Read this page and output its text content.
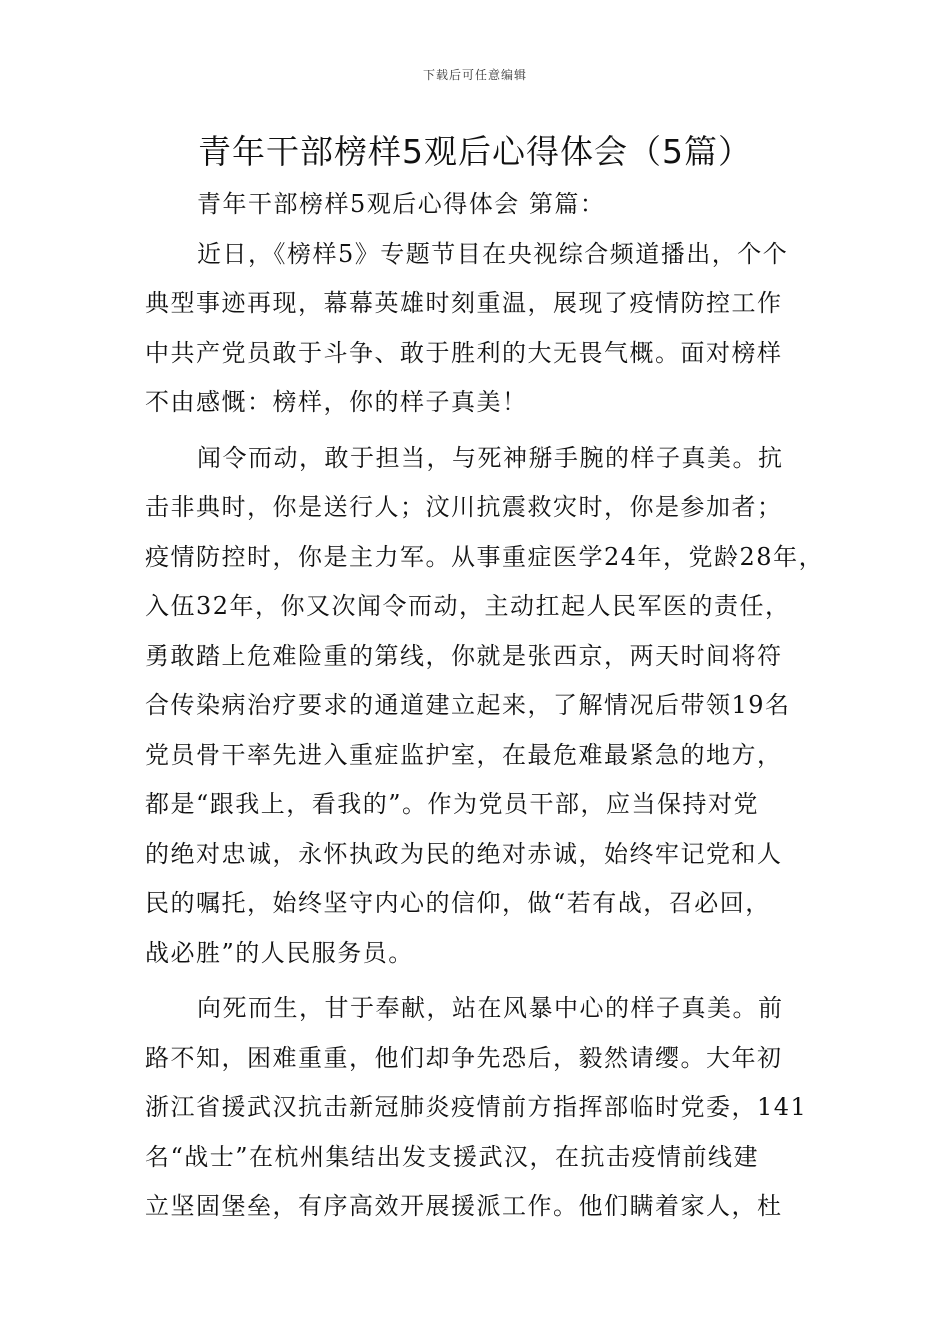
下载后可任意编辑
青年干部榜样5观后心得体会（5篇）
青年干部榜样5观后心得体会 第篇：
近日，《榜样5》专题节目在央视综合频道播出，个个
典型事迹再现，幕幕英雄时刻重温，展现了疫情防控工作
中共产党员敢于斗争、敢于胜利的大无畏气概。面对榜样
不由感慨：榜样，你的样子真美！
闻令而动，敢于担当，与死神掰手腕的样子真美。抗
击非典时，你是送行人；汶川抗震救灾时，你是参加者；
疫情防控时，你是主力军。从事重症医学24年，党龄28年，
入伍32年，你又次闻令而动，主动扛起人民军医的责任，
勇敢踏上危难险重的第线，你就是张西京，两天时间将符
合传染病治疗要求的通道建立起来，了解情况后带领19名
党员骨干率先进入重症监护室，在最危难最紧急的地方，
都是“跟我上，看我的”。作为党员干部，应当保持对党
的绝对忠诚，永怀执政为民的绝对赤诚，始终牢记党和人
民的嘱托，始终坚守内心的信仰，做“若有战，召必回，
战必胜”的人民服务员。
向死而生，甘于奉献，站在风暴中心的样子真美。前
路不知，困难重重，他们却争先恐后，毅然请缨。大年初
浙江省援武汉抗击新冠肺炎疫情前方指挥部临时党委，141
名“战士”在杭州集结出发支援武汉，在抗击疫情前线建
立坚固堡垒，有序高效开展援派工作。他们瞒着家人，杜
